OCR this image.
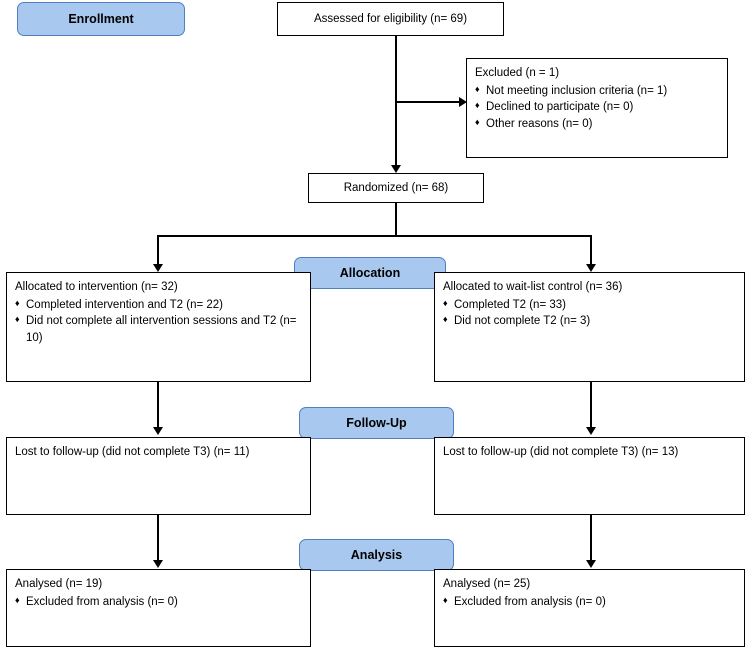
Enrollment	Assessed for eligibility (n= 69)
Excluded (n = 1)
♦ Not meeting inclusion criteria (n= 1)
♦ Declined to participate (n= 0)
♦ Other reasons (n= 0)
Randomized (n= 68)
Allocation
Allocated to intervention (n= 32)
♦ Completed intervention and T2 (n= 22)
♦ Did not complete all intervention sessions and T2 (n= 10)
Allocated to wait-list control (n= 36)
♦ Completed T2 (n= 33)
♦ Did not complete T2 (n= 3)
Follow-Up
Lost to follow-up (did not complete T3) (n= 11)	Lost to follow-up (did not complete T3) (n= 13)
Analysis
Analysed (n= 19)
♦ Excluded from analysis (n= 0)
Analysed (n= 25)
♦ Excluded from analysis (n= 0)
